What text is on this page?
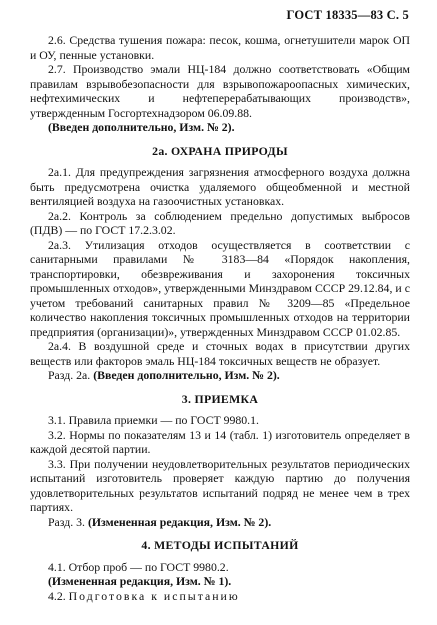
ГОСТ 18335—83 С. 5

2.6. Средства тушения пожара: песок, кошма, огнетушители марок ОП и ОУ, пенные установки.

2.7. Производство эмали НЦ-184 должно соответствовать «Общим правилам взрывобезопасности для взрывопожароопасных химических, нефтехимических и нефтеперерабатывающих производств», утвержденным Госгортехнадзором 06.09.88.

(Введен дополнительно, Изм. № 2).

2а. ОХРАНА ПРИРОДЫ

2а.1. Для предупреждения загрязнения атмосферного воздуха должна быть предусмотрена очистка удаляемого общеобменной и местной вентиляцией воздуха на газоочистных установках.

2а.2. Контроль за соблюдением предельно допустимых выбросов (ПДВ) — по ГОСТ 17.2.3.02.

2а.3. Утилизация отходов осуществляется в соответствии с санитарными правилами № 3183—84 «Порядок накопления, транспортировки, обезвреживания и захоронения токсичных промышленных отходов», утвержденными Минздравом СССР 29.12.84, и с учетом требований санитарных правил № 3209—85 «Предельное количество накопления токсичных промышленных отходов на территории предприятия (организации)», утвержденных Минздравом СССР 01.02.85.

2а.4. В воздушной среде и сточных водах в присутствии других веществ или факторов эмаль НЦ-184 токсичных веществ не образует.

Разд. 2а. (Введен дополнительно, Изм. № 2).

3. ПРИЕМКА

3.1. Правила приемки — по ГОСТ 9980.1.

3.2. Нормы по показателям 13 и 14 (табл. 1) изготовитель определяет в каждой десятой партии.

3.3. При получении неудовлетворительных результатов периодических испытаний изготовитель проверяет каждую партию до получения удовлетворительных результатов испытаний подряд не менее чем в трех партиях.

Разд. 3. (Измененная редакция, Изм. № 2).

4. МЕТОДЫ ИСПЫТАНИЙ

4.1. Отбор проб — по ГОСТ 9980.2.

(Измененная редакция, Изм. № 1).

4.2. Подготовка к испытанию
